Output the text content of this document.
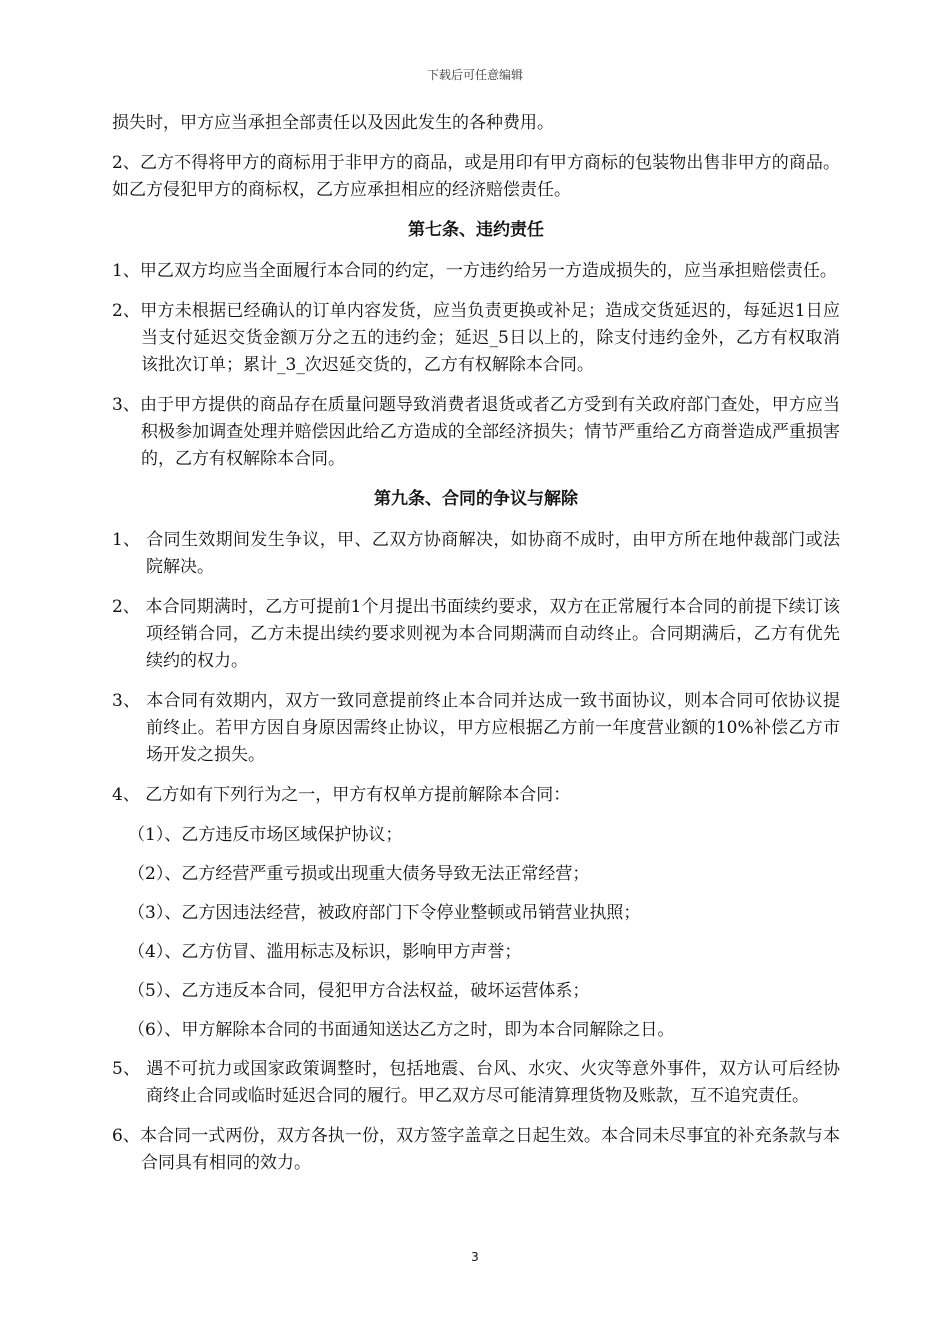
下载后可任意编辑

损失时，甲方应当承担全部责任以及因此发生的各种费用。

2、乙方不得将甲方的商标用于非甲方的商品，或是用印有甲方商标的包装物出售非甲方的商品。如乙方侵犯甲方的商标权，乙方应承担相应的经济赔偿责任。

第七条、违约责任

1、甲乙双方均应当全面履行本合同的约定，一方违约给另一方造成损失的，应当承担赔偿责任。

2、甲方未根据已经确认的订单内容发货，应当负责更换或补足；造成交货延迟的，每延迟1日应当支付延迟交货金额万分之五的违约金；延迟_5日以上的，除支付违约金外，乙方有权取消该批次订单；累计_3_次迟延交货的，乙方有权解除本合同。

3、由于甲方提供的商品存在质量问题导致消费者退货或者乙方受到有关政府部门查处，甲方应当积极参加调查处理并赔偿因此给乙方造成的全部经济损失；情节严重给乙方商誉造成严重损害的，乙方有权解除本合同。

第九条、合同的争议与解除

1、 合同生效期间发生争议，甲、乙双方协商解决，如协商不成时，由甲方所在地仲裁部门或法院解决。

2、 本合同期满时，乙方可提前1个月提出书面续约要求，双方在正常履行本合同的前提下续订该项经销合同，乙方未提出续约要求则视为本合同期满而自动终止。合同期满后，乙方有优先续约的权力。

3、 本合同有效期内，双方一致同意提前终止本合同并达成一致书面协议，则本合同可依协议提前终止。若甲方因自身原因需终止协议，甲方应根据乙方前一年度营业额的10%补偿乙方市场开发之损失。

4、 乙方如有下列行为之一，甲方有权单方提前解除本合同：

（1）、乙方违反市场区域保护协议；

（2）、乙方经营严重亏损或出现重大债务导致无法正常经营；

（3）、乙方因违法经营，被政府部门下令停业整顿或吊销营业执照；

（4）、乙方仿冒、滥用标志及标识，影响甲方声誉；

（5）、乙方违反本合同，侵犯甲方合法权益，破坏运营体系；

（6）、甲方解除本合同的书面通知送达乙方之时，即为本合同解除之日。

5、 遇不可抗力或国家政策调整时，包括地震、台风、水灾、火灾等意外事件，双方认可后经协商终止合同或临时延迟合同的履行。甲乙双方尽可能清算理货物及账款，互不追究责任。

6、本合同一式两份，双方各执一份，双方签字盖章之日起生效。本合同未尽事宜的补充条款与本合同具有相同的效力。

3
